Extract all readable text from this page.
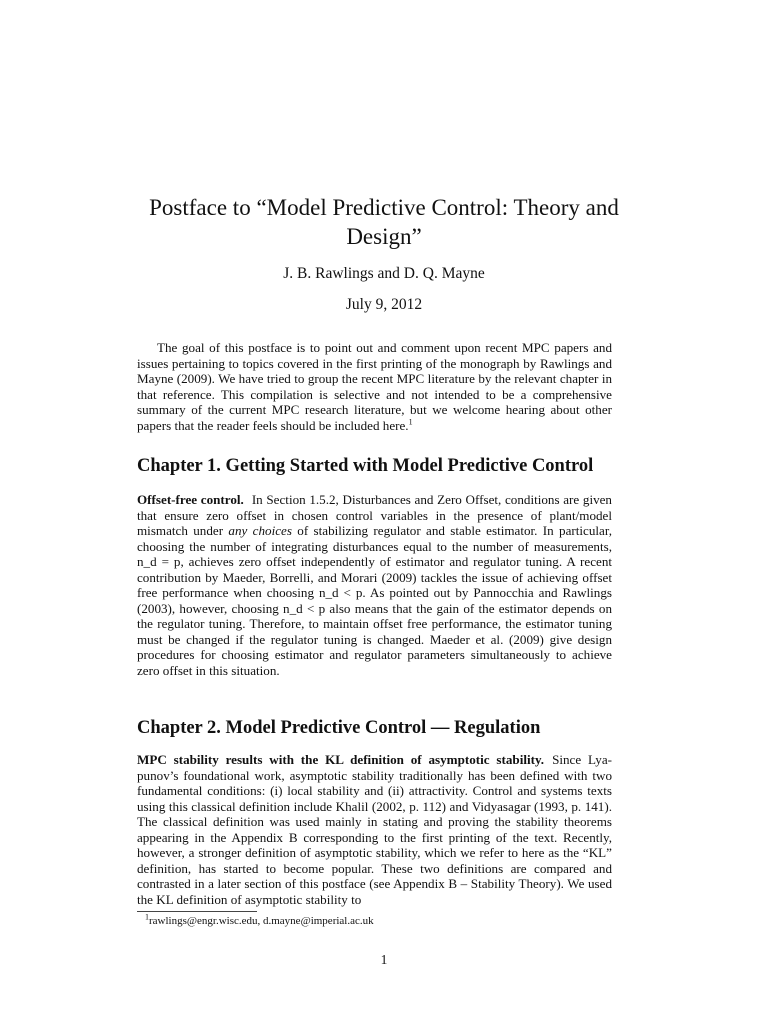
Postface to “Model Predictive Control: Theory and Design”
J. B. Rawlings and D. Q. Mayne
July 9, 2012
The goal of this postface is to point out and comment upon recent MPC papers and issues pertaining to topics covered in the first printing of the monograph by Rawlings and Mayne (2009). We have tried to group the recent MPC literature by the relevant chapter in that reference. This compilation is selective and not intended to be a comprehensive summary of the current MPC research literature, but we welcome hearing about other papers that the reader feels should be included here.$^1$
Chapter 1. Getting Started with Model Predictive Control
Offset-free control. In Section 1.5.2, Disturbances and Zero Offset, conditions are given that ensure zero offset in chosen control variables in the presence of plant/model mismatch under any choices of stabilizing regulator and stable estimator. In particular, choosing the number of integrating disturbances equal to the number of measurements, n_d = p, achieves zero offset independently of estimator and regulator tuning. A recent contribution by Maeder, Borrelli, and Morari (2009) tackles the issue of achieving offset free performance when choosing n_d < p. As pointed out by Pannocchia and Rawlings (2003), however, choosing n_d < p also means that the gain of the estimator depends on the regulator tuning. Therefore, to maintain offset free performance, the estimator tuning must be changed if the regulator tuning is changed. Maeder et al. (2009) give design procedures for choosing estimator and regulator parameters simultaneously to achieve zero offset in this situation.
Chapter 2. Model Predictive Control — Regulation
MPC stability results with the KL definition of asymptotic stability. Since Lyapunov’s foundational work, asymptotic stability traditionally has been defined with two fundamental conditions: (i) local stability and (ii) attractivity. Control and systems texts using this classical definition include Khalil (2002, p. 112) and Vidyasagar (1993, p. 141). The classical definition was used mainly in stating and proving the stability theorems appearing in the Appendix B corresponding to the first printing of the text. Recently, however, a stronger definition of asymptotic stability, which we refer to here as the “KL” definition, has started to become popular. These two definitions are compared and contrasted in a later section of this postface (see Appendix B – Stability Theory). We used the KL definition of asymptotic stability to
$^1$rawlings@engr.wisc.edu, d.mayne@imperial.ac.uk
1
